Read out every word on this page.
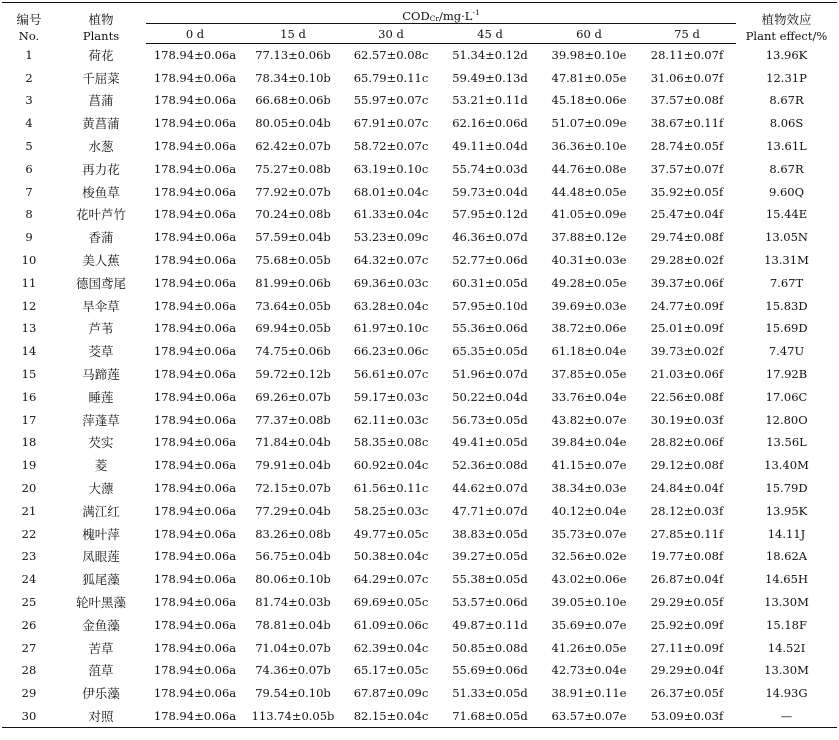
编号
No.	植物
Plants	CODCr/$mg\cdot L^{-1}$						植物效应
Plant effect/%
		0 d	15 d	30 d	45 d	60 d	75 d	
1	荷花	178.94±0.06a	77.13±0.06b	62.57±0.08c	51.34±0.12d	39.98±0.10e	28.11±0.07f	13.96K
2	千屈菜	178.94±0.06a	78.34±0.10b	65.79±0.11c	59.49±0.13d	47.81±0.05e	31.06±0.07f	12.31P
3	菖蒲	178.94±0.06a	66.68±0.06b	55.97±0.07c	53.21±0.11d	45.18±0.06e	37.57±0.08f	8.67R
4	黄菖蒲	178.94±0.06a	80.05±0.04b	67.91±0.07c	62.16±0.06d	51.07±0.09e	38.67±0.11f	8.06S
5	水葱	178.94±0.06a	62.42±0.07b	58.72±0.07c	49.11±0.04d	36.36±0.10e	28.74±0.05f	13.61L
6	再力花	178.94±0.06a	75.27±0.08b	63.19±0.10c	55.74±0.03d	44.76±0.08e	37.57±0.07f	8.67R
7	梭鱼草	178.94±0.06a	77.92±0.07b	68.01±0.04c	59.73±0.04d	44.48±0.05e	35.92±0.05f	9.60Q
8	花叶芦竹	178.94±0.06a	70.24±0.08b	61.33±0.04c	57.95±0.12d	41.05±0.09e	25.47±0.04f	15.44E
9	香蒲	178.94±0.06a	57.59±0.04b	53.23±0.09c	46.36±0.07d	37.88±0.12e	29.74±0.08f	13.05N
10	美人蕉	178.94±0.06a	75.68±0.05b	64.32±0.07c	52.77±0.06d	40.31±0.03e	29.28±0.02f	13.31M
11	德国鸢尾	178.94±0.06a	81.99±0.06b	69.36±0.03c	60.31±0.05d	49.28±0.05e	39.37±0.06f	7.67T
12	旱伞草	178.94±0.06a	73.64±0.05b	63.28±0.04c	57.95±0.10d	39.69±0.03e	24.77±0.09f	15.83D
13	芦苇	178.94±0.06a	69.94±0.05b	61.97±0.10c	55.36±0.06d	38.72±0.06e	25.01±0.09f	15.69D
14	茭草	178.94±0.06a	74.75±0.06b	66.23±0.06c	65.35±0.05d	61.18±0.04e	39.73±0.02f	7.47U
15	马蹄莲	178.94±0.06a	59.72±0.12b	56.61±0.07c	51.96±0.07d	37.85±0.05e	21.03±0.06f	17.92B
16	睡莲	178.94±0.06a	69.26±0.07b	59.17±0.03c	50.22±0.04d	33.76±0.04e	22.56±0.08f	17.06C
17	萍蓬草	178.94±0.06a	77.37±0.08b	62.11±0.03c	56.73±0.05d	43.82±0.07e	30.19±0.03f	12.80O
18	芡实	178.94±0.06a	71.84±0.04b	58.35±0.08c	49.41±0.05d	39.84±0.04e	28.82±0.06f	13.56L
19	菱	178.94±0.06a	79.91±0.04b	60.92±0.04c	52.36±0.08d	41.15±0.07e	29.12±0.08f	13.40M
20	大薸	178.94±0.06a	72.15±0.07b	61.56±0.11c	44.62±0.07d	38.34±0.03e	24.84±0.04f	15.79D
21	满江红	178.94±0.06a	77.29±0.04b	58.25±0.03c	47.71±0.07d	40.12±0.04e	28.12±0.03f	13.95K
22	槐叶萍	178.94±0.06a	83.26±0.08b	49.77±0.05c	38.83±0.05d	35.73±0.07e	27.85±0.11f	14.11J
23	凤眼莲	178.94±0.06a	56.75±0.04b	50.38±0.04c	39.27±0.05d	32.56±0.02e	19.77±0.08f	18.62A
24	狐尾藻	178.94±0.06a	80.06±0.10b	64.29±0.07c	55.38±0.05d	43.02±0.06e	26.87±0.04f	14.65H
25	轮叶黑藻	178.94±0.06a	81.74±0.03b	69.69±0.05c	53.57±0.06d	39.05±0.10e	29.29±0.05f	13.30M
26	金鱼藻	178.94±0.06a	78.81±0.04b	61.09±0.06c	49.87±0.11d	35.69±0.07e	25.92±0.09f	15.18F
27	苦草	178.94±0.06a	71.04±0.07b	62.39±0.04c	50.85±0.08d	41.26±0.05e	27.11±0.09f	14.52I
28	菹草	178.94±0.06a	74.36±0.07b	65.17±0.05c	55.69±0.06d	42.73±0.04e	29.29±0.04f	13.30M
29	伊乐藻	178.94±0.06a	79.54±0.10b	67.87±0.09c	51.33±0.05d	38.91±0.11e	26.37±0.05f	14.93G
30	对照	178.94±0.06a	113.74±0.05b	82.15±0.04c	71.68±0.05d	63.57±0.07e	53.09±0.03f	—
